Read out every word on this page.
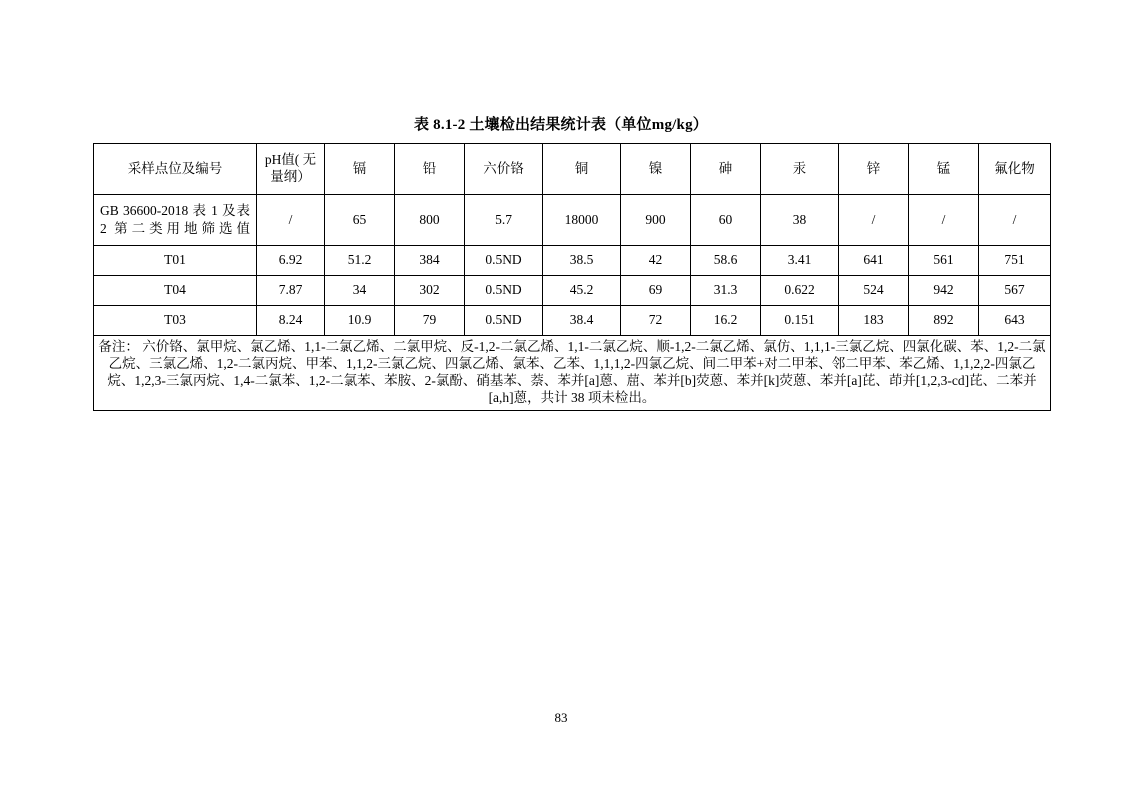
表 8.1-2 土壤检出结果统计表（单位mg/kg）
采样点位及编号	pH值( 无量纲）	镉	铅	六价铬	铜	镍	砷	汞	锌	锰	氟化物
GB 36600-2018 表 1 及表 2 第二类用地筛选值	/	65	800	5.7	18000	900	60	38	/	/	/
T01	6.92	51.2	384	0.5ND	38.5	42	58.6	3.41	641	561	751
T04	7.87	34	302	0.5ND	45.2	69	31.3	0.622	524	942	567
T03	8.24	10.9	79	0.5ND	38.4	72	16.2	0.151	183	892	643
备注： 六价铬、氯甲烷、氯乙烯、1,1-二氯乙烯、二氯甲烷、反-1,2-二氯乙烯、1,1-二氯乙烷、顺-1,2-二氯乙烯、氯仿、1,1,1-三氯乙烷、四氯化碳、苯、1,2-二氯乙烷、三氯乙烯、1,2-二氯丙烷、甲苯、1,1,2-三氯乙烷、四氯乙烯、氯苯、乙苯、1,1,1,2-四氯乙烷、间二甲苯+对二甲苯、邻二甲苯、苯乙烯、1,1,2,2-四氯乙烷、1,2,3-三氯丙烷、1,4-二氯苯、1,2-二氯苯、苯胺、2-氯酚、硝基苯、萘、苯并[a]蒽、䓛、苯并[b]荧蒽、苯并[k]荧蒽、苯并[a]芘、茚并[1,2,3-cd]芘、二苯并[a,h]蒽，共计 38 项未检出。											
83
